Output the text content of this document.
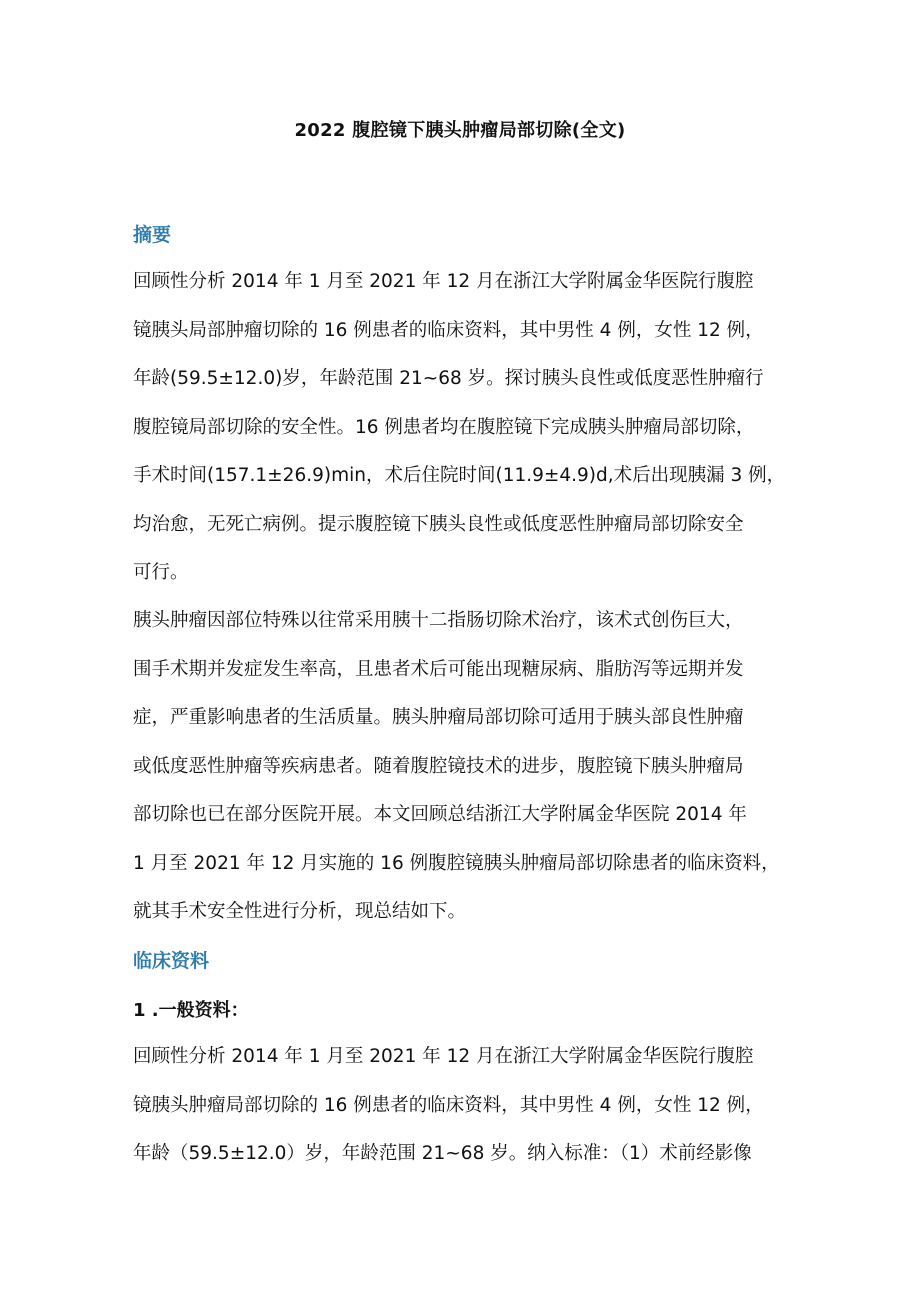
2022 腹腔镜下胰头肿瘤局部切除(全文)
摘要
回顾性分析 2014 年 1 月至 2021 年 12 月在浙江大学附属金华医院行腹腔
镜胰头局部肿瘤切除的 16 例患者的临床资料，其中男性 4 例，女性 12 例，
年龄(59.5±12.0)岁，年龄范围 21~68 岁。探讨胰头良性或低度恶性肿瘤行
腹腔镜局部切除的安全性。16 例患者均在腹腔镜下完成胰头肿瘤局部切除，
手术时间(157.1±26.9)min，术后住院时间(11.9±4.9)d,术后出现胰漏 3 例，
均治愈，无死亡病例。提示腹腔镜下胰头良性或低度恶性肿瘤局部切除安全
可行。
胰头肿瘤因部位特殊以往常采用胰十二指肠切除术治疗，该术式创伤巨大，
围手术期并发症发生率高，且患者术后可能出现糖尿病、脂肪泻等远期并发
症，严重影响患者的生活质量。胰头肿瘤局部切除可适用于胰头部良性肿瘤
或低度恶性肿瘤等疾病患者。随着腹腔镜技术的进步，腹腔镜下胰头肿瘤局
部切除也已在部分医院开展。本文回顾总结浙江大学附属金华医院 2014 年
1 月至 2021 年 12 月实施的 16 例腹腔镜胰头肿瘤局部切除患者的临床资料，
就其手术安全性进行分析，现总结如下。
临床资料
1 .一般资料：
回顾性分析 2014 年 1 月至 2021 年 12 月在浙江大学附属金华医院行腹腔
镜胰头肿瘤局部切除的 16 例患者的临床资料，其中男性 4 例，女性 12 例，
年龄（59.5±12.0）岁，年龄范围 21~68 岁。纳入标准：（1）术前经影像
